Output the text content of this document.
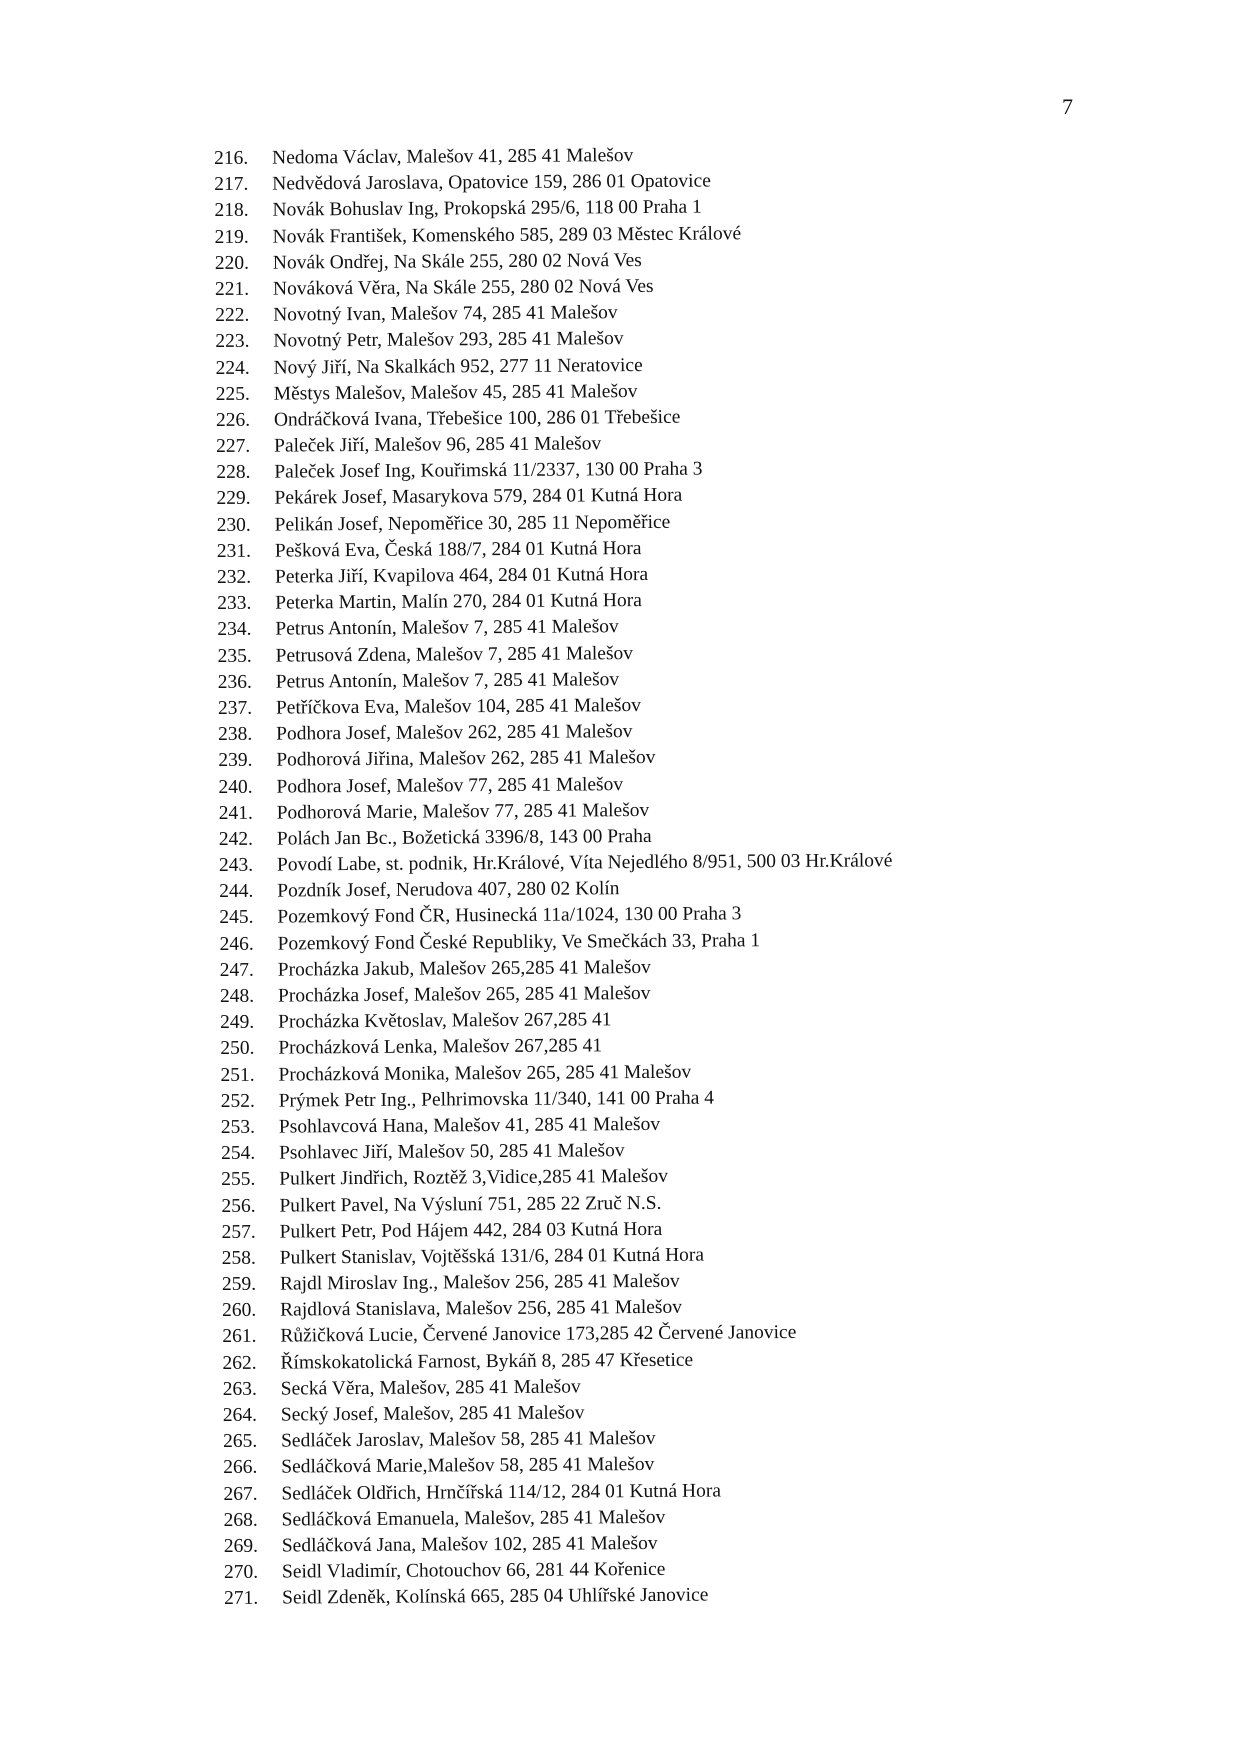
7
216. Nedoma Václav, Malešov 41, 285 41 Malešov
217. Nedvědová Jaroslava, Opatovice 159, 286 01 Opatovice
218. Novák Bohuslav Ing, Prokopská 295/6, 118 00 Praha 1
219. Novák František, Komenského 585, 289 03 Městec Králové
220. Novák Ondřej, Na Skále 255, 280 02 Nová Ves
221. Nováková Věra, Na Skále 255, 280 02 Nová Ves
222. Novotný Ivan, Malešov 74, 285 41 Malešov
223. Novotný Petr, Malešov 293, 285 41 Malešov
224. Nový Jiří, Na Skalkách 952, 277 11 Neratovice
225. Městys Malešov, Malešov 45, 285 41 Malešov
226. Ondráčková Ivana, Třebešice 100, 286 01 Třebešice
227. Paleček Jiří, Malešov 96, 285 41 Malešov
228. Paleček Josef Ing, Kouřimská 11/2337, 130 00 Praha 3
229. Pekárek Josef, Masarykova 579, 284 01 Kutná Hora
230. Pelikán Josef, Nepoměřice 30, 285 11 Nepoměřice
231. Pešková Eva, Česká 188/7, 284 01 Kutná Hora
232. Peterka Jiří, Kvapilova 464, 284 01 Kutná Hora
233. Peterka Martin, Malín 270, 284 01 Kutná Hora
234. Petrus Antonín, Malešov 7, 285 41 Malešov
235. Petrusová Zdena, Malešov 7, 285 41 Malešov
236. Petrus Antonín, Malešov 7, 285 41 Malešov
237. Petříčkova Eva, Malešov 104, 285 41 Malešov
238. Podhora Josef, Malešov 262, 285 41 Malešov
239. Podhorová Jiřina, Malešov 262, 285 41 Malešov
240. Podhora Josef, Malešov 77, 285 41 Malešov
241. Podhorová Marie, Malešov 77, 285 41 Malešov
242. Polách Jan Bc., Božetická 3396/8, 143 00 Praha
243. Povodí Labe, st. podnik, Hr.Králové, Víta Nejedlého 8/951, 500 03 Hr.Králové
244. Pozdník Josef, Nerudova 407, 280 02 Kolín
245. Pozemkový Fond ČR, Husinecká 11a/1024, 130 00 Praha 3
246. Pozemkový Fond České Republiky, Ve Smečkách 33, Praha 1
247. Procházka Jakub, Malešov 265,285 41 Malešov
248. Procházka Josef, Malešov 265, 285 41 Malešov
249. Procházka Květoslav, Malešov 267,285 41
250. Procházková Lenka, Malešov 267,285 41
251. Procházková Monika, Malešov 265, 285 41 Malešov
252. Prýmek Petr Ing., Pelhrimovska 11/340, 141 00 Praha 4
253. Psohlavcová Hana, Malešov 41, 285 41 Malešov
254. Psohlavec Jiří, Malešov 50, 285 41 Malešov
255. Pulkert Jindřich, Roztěž 3,Vidice,285 41 Malešov
256. Pulkert Pavel, Na Výsluní 751, 285 22 Zruč N.S.
257. Pulkert Petr, Pod Hájem 442, 284 03 Kutná Hora
258. Pulkert Stanislav, Vojtěšská 131/6, 284 01 Kutná Hora
259. Rajdl Miroslav Ing., Malešov 256, 285 41 Malešov
260. Rajdlová Stanislava, Malešov 256, 285 41 Malešov
261. Růžičková Lucie, Červené Janovice 173,285 42 Červené Janovice
262. Římskokatolická Farnost, Bykáň 8, 285 47 Křesetice
263. Secká Věra, Malešov, 285 41 Malešov
264. Secký Josef, Malešov, 285 41 Malešov
265. Sedláček Jaroslav, Malešov 58, 285 41 Malešov
266. Sedláčková Marie,Malešov 58, 285 41 Malešov
267. Sedláček Oldřich, Hrnčířská 114/12, 284 01 Kutná Hora
268. Sedláčková Emanuela, Malešov, 285 41 Malešov
269. Sedláčková Jana, Malešov 102, 285 41 Malešov
270. Seidl Vladimír, Chotouchov 66, 281 44 Kořenice
271. Seidl Zdeněk, Kolínská 665, 285 04 Uhlířské Janovice
